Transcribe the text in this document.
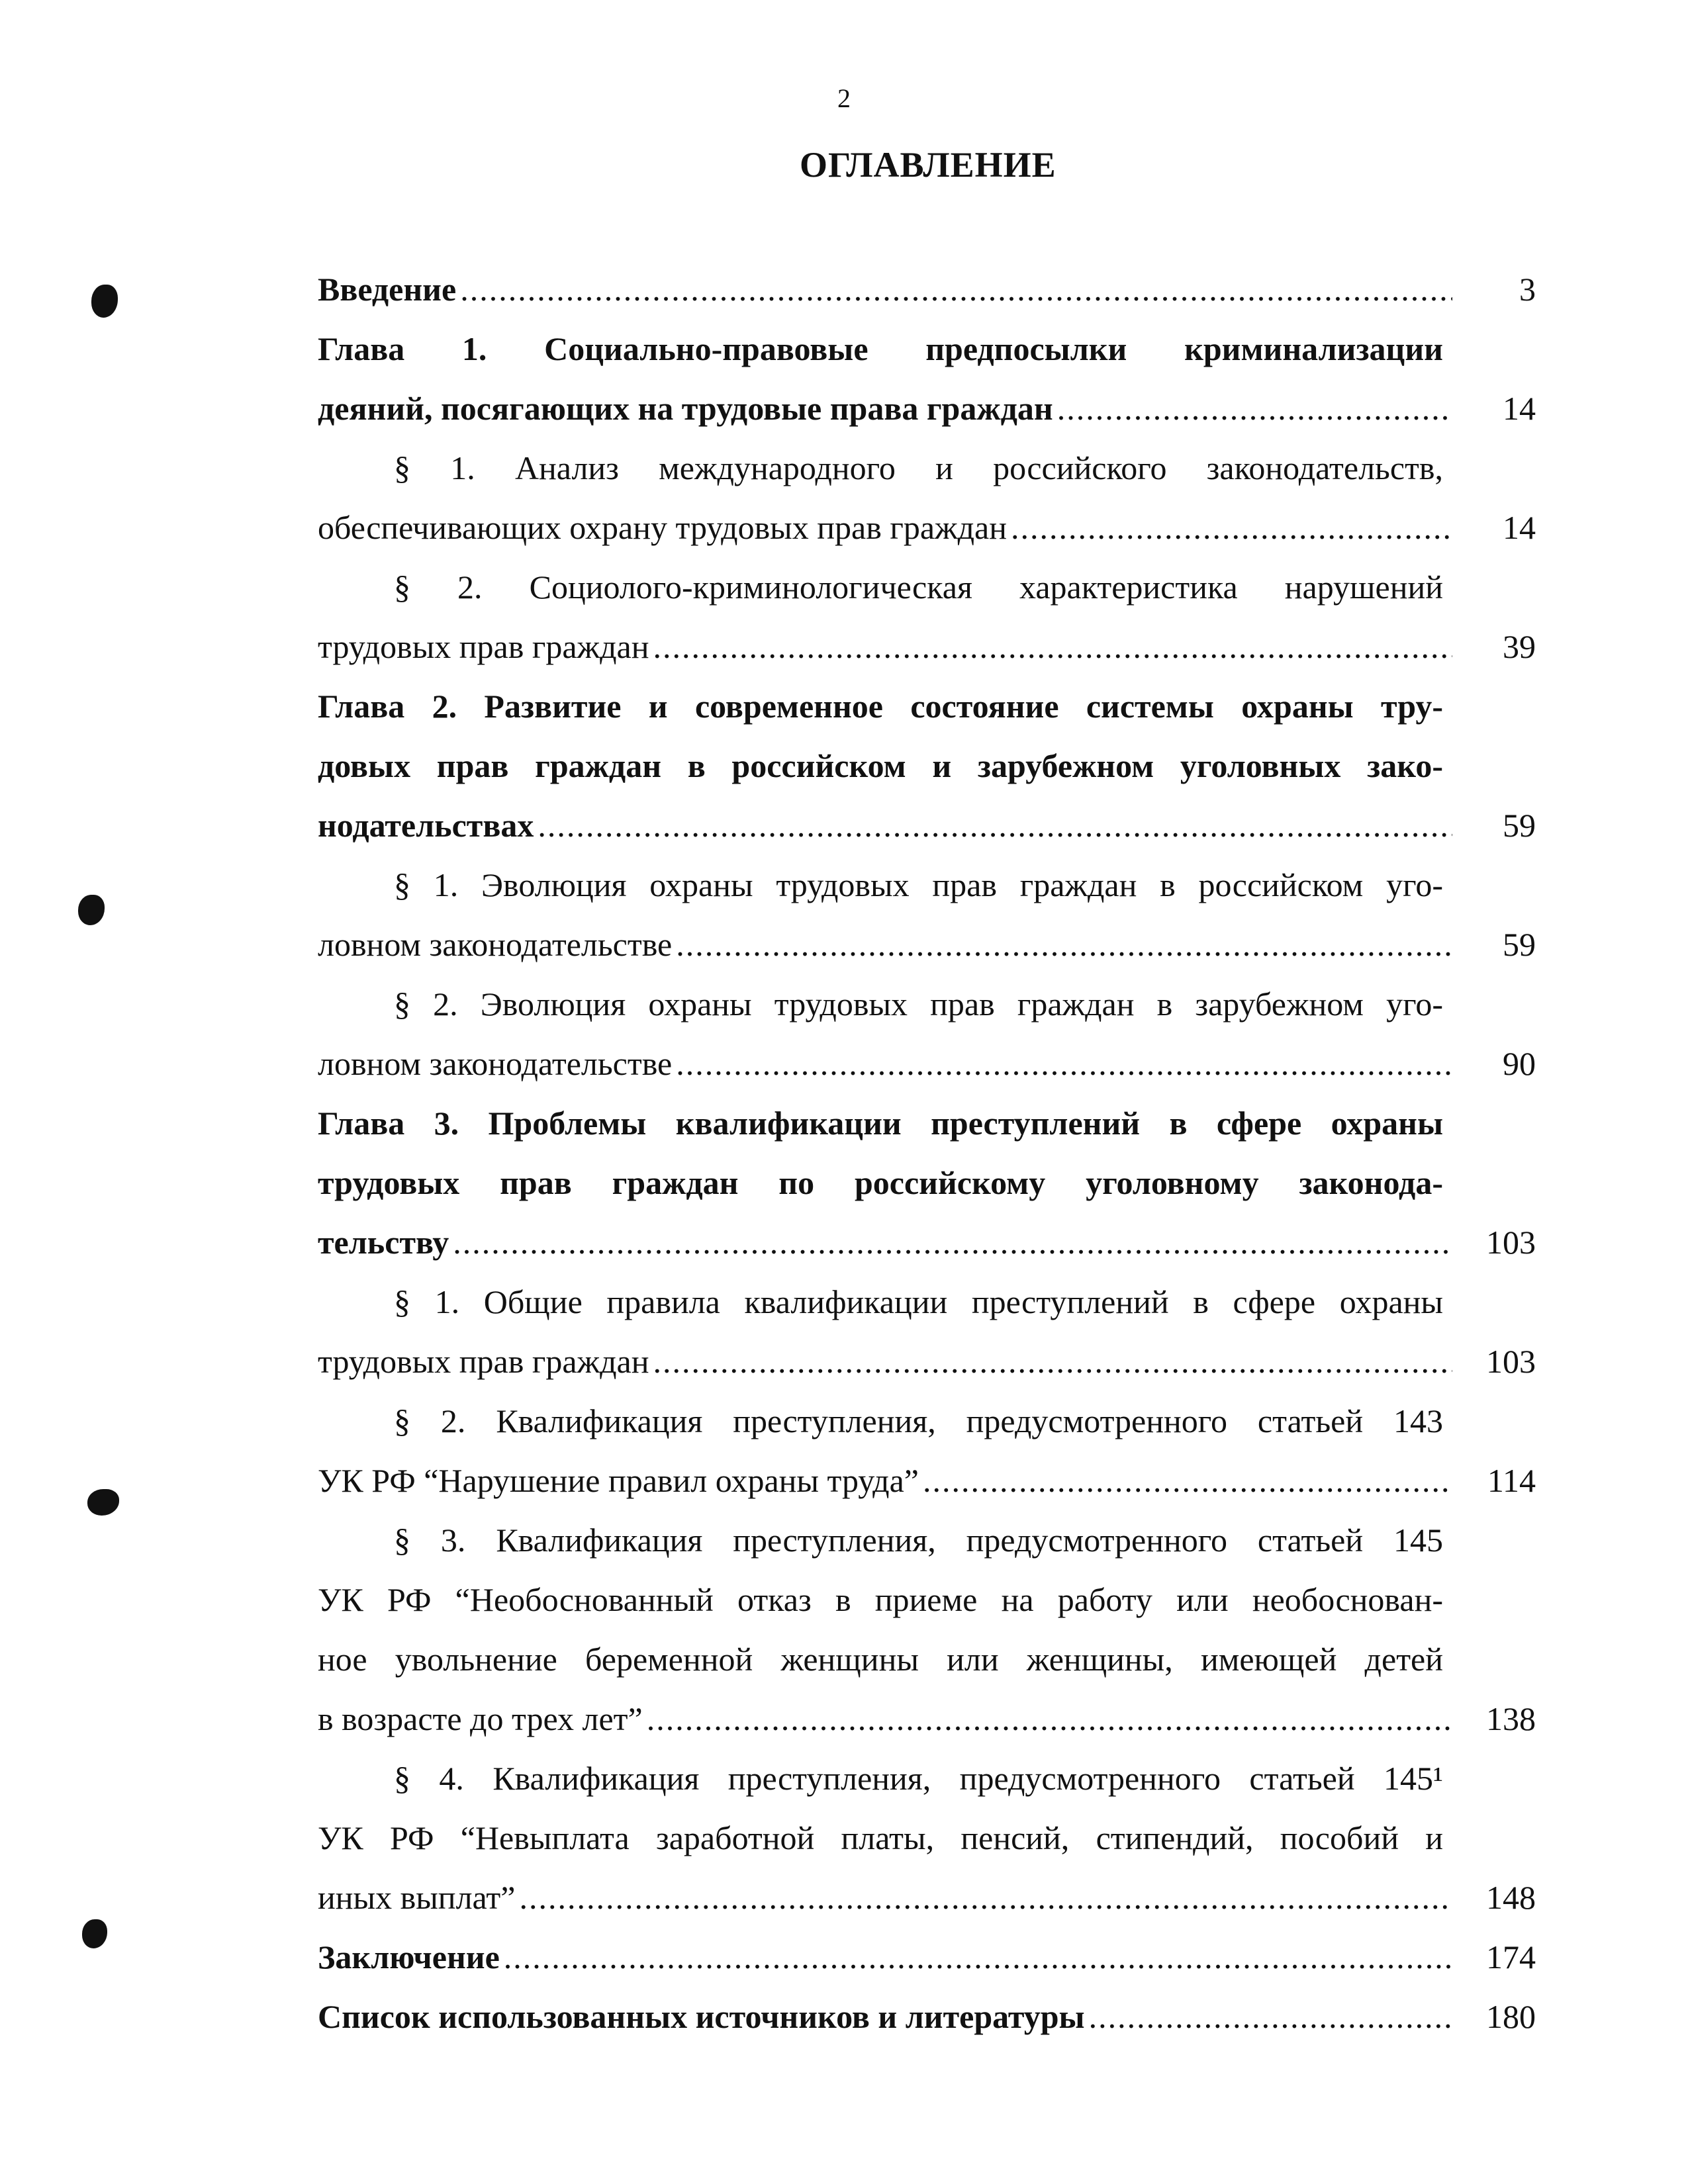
2
ОГЛАВЛЕНИЕ
Введение .....	3
Глава 1. Социально-правовые предпосылки криминализации
деяний, посягающих на трудовые права граждан .....	14
§ 1. Анализ международного и российского законодательств,
обеспечивающих охрану трудовых прав граждан .....	14
§ 2. Социолого-криминологическая характеристика нарушений
трудовых прав граждан .....	39
Глава 2. Развитие и современное состояние системы охраны тру-
довых прав граждан в российском и зарубежном уголовных зако-
нодательствах .....	59
§ 1. Эволюция охраны трудовых прав граждан в российском уго-
ловном законодательстве .....	59
§ 2. Эволюция охраны трудовых прав граждан в зарубежном уго-
ловном законодательстве .....	90
Глава 3. Проблемы квалификации преступлений в сфере охраны
трудовых прав граждан по российскому уголовному законода-
тельству .....	103
§ 1. Общие правила квалификации преступлений в сфере охраны
трудовых прав граждан .....	103
§ 2. Квалификация преступления, предусмотренного статьей 143
УК РФ “Нарушение правил охраны труда” .....	114
§ 3. Квалификация преступления, предусмотренного статьей 145
УК РФ “Необоснованный отказ в приеме на работу или необоснован-
ное увольнение беременной женщины или женщины, имеющей детей
в возрасте до трех лет” .....	138
§ 4. Квалификация преступления, предусмотренного статьей 145¹
УК РФ “Невыплата заработной платы, пенсий, стипендий, пособий и
иных выплат” .....	148
Заключение .....	174
Список использованных источников и литературы .....	180
